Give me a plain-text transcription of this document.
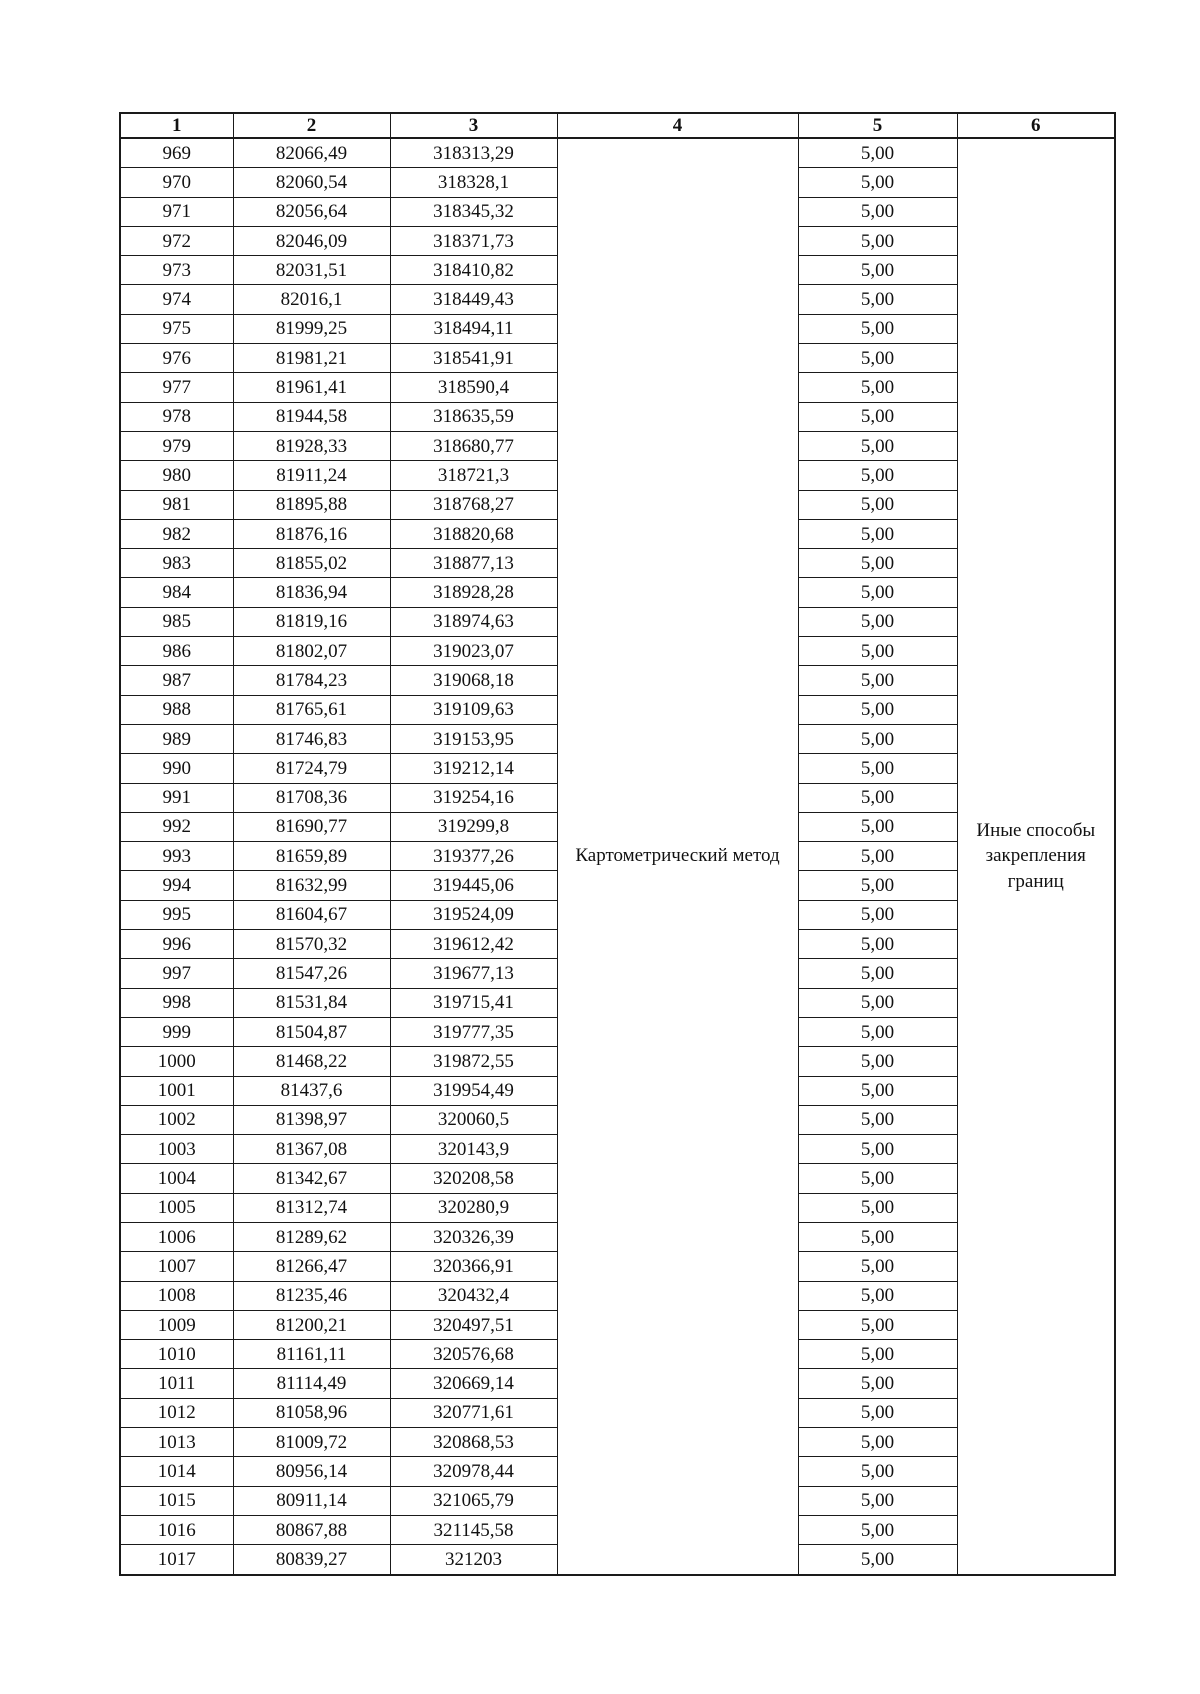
1	2	3	4	5	6
969	82066,49	318313,29	Картометрический метод	5,00	Иные способы закрепления границ
970	82060,54	318328,1		5,00	
971	82056,64	318345,32		5,00	
972	82046,09	318371,73		5,00	
973	82031,51	318410,82		5,00	
974	82016,1	318449,43		5,00	
975	81999,25	318494,11		5,00	
976	81981,21	318541,91		5,00	
977	81961,41	318590,4		5,00	
978	81944,58	318635,59		5,00	
979	81928,33	318680,77		5,00	
980	81911,24	318721,3		5,00	
981	81895,88	318768,27		5,00	
982	81876,16	318820,68		5,00	
983	81855,02	318877,13		5,00	
984	81836,94	318928,28		5,00	
985	81819,16	318974,63		5,00	
986	81802,07	319023,07		5,00	
987	81784,23	319068,18		5,00	
988	81765,61	319109,63		5,00	
989	81746,83	319153,95		5,00	
990	81724,79	319212,14		5,00	
991	81708,36	319254,16		5,00	
992	81690,77	319299,8		5,00	
993	81659,89	319377,26		5,00	
994	81632,99	319445,06		5,00	
995	81604,67	319524,09		5,00	
996	81570,32	319612,42		5,00	
997	81547,26	319677,13		5,00	
998	81531,84	319715,41		5,00	
999	81504,87	319777,35		5,00	
1000	81468,22	319872,55		5,00	
1001	81437,6	319954,49		5,00	
1002	81398,97	320060,5		5,00	
1003	81367,08	320143,9		5,00	
1004	81342,67	320208,58		5,00	
1005	81312,74	320280,9		5,00	
1006	81289,62	320326,39		5,00	
1007	81266,47	320366,91		5,00	
1008	81235,46	320432,4		5,00	
1009	81200,21	320497,51		5,00	
1010	81161,11	320576,68		5,00	
1011	81114,49	320669,14		5,00	
1012	81058,96	320771,61		5,00	
1013	81009,72	320868,53		5,00	
1014	80956,14	320978,44		5,00	
1015	80911,14	321065,79		5,00	
1016	80867,88	321145,58		5,00	
1017	80839,27	321203		5,00	
